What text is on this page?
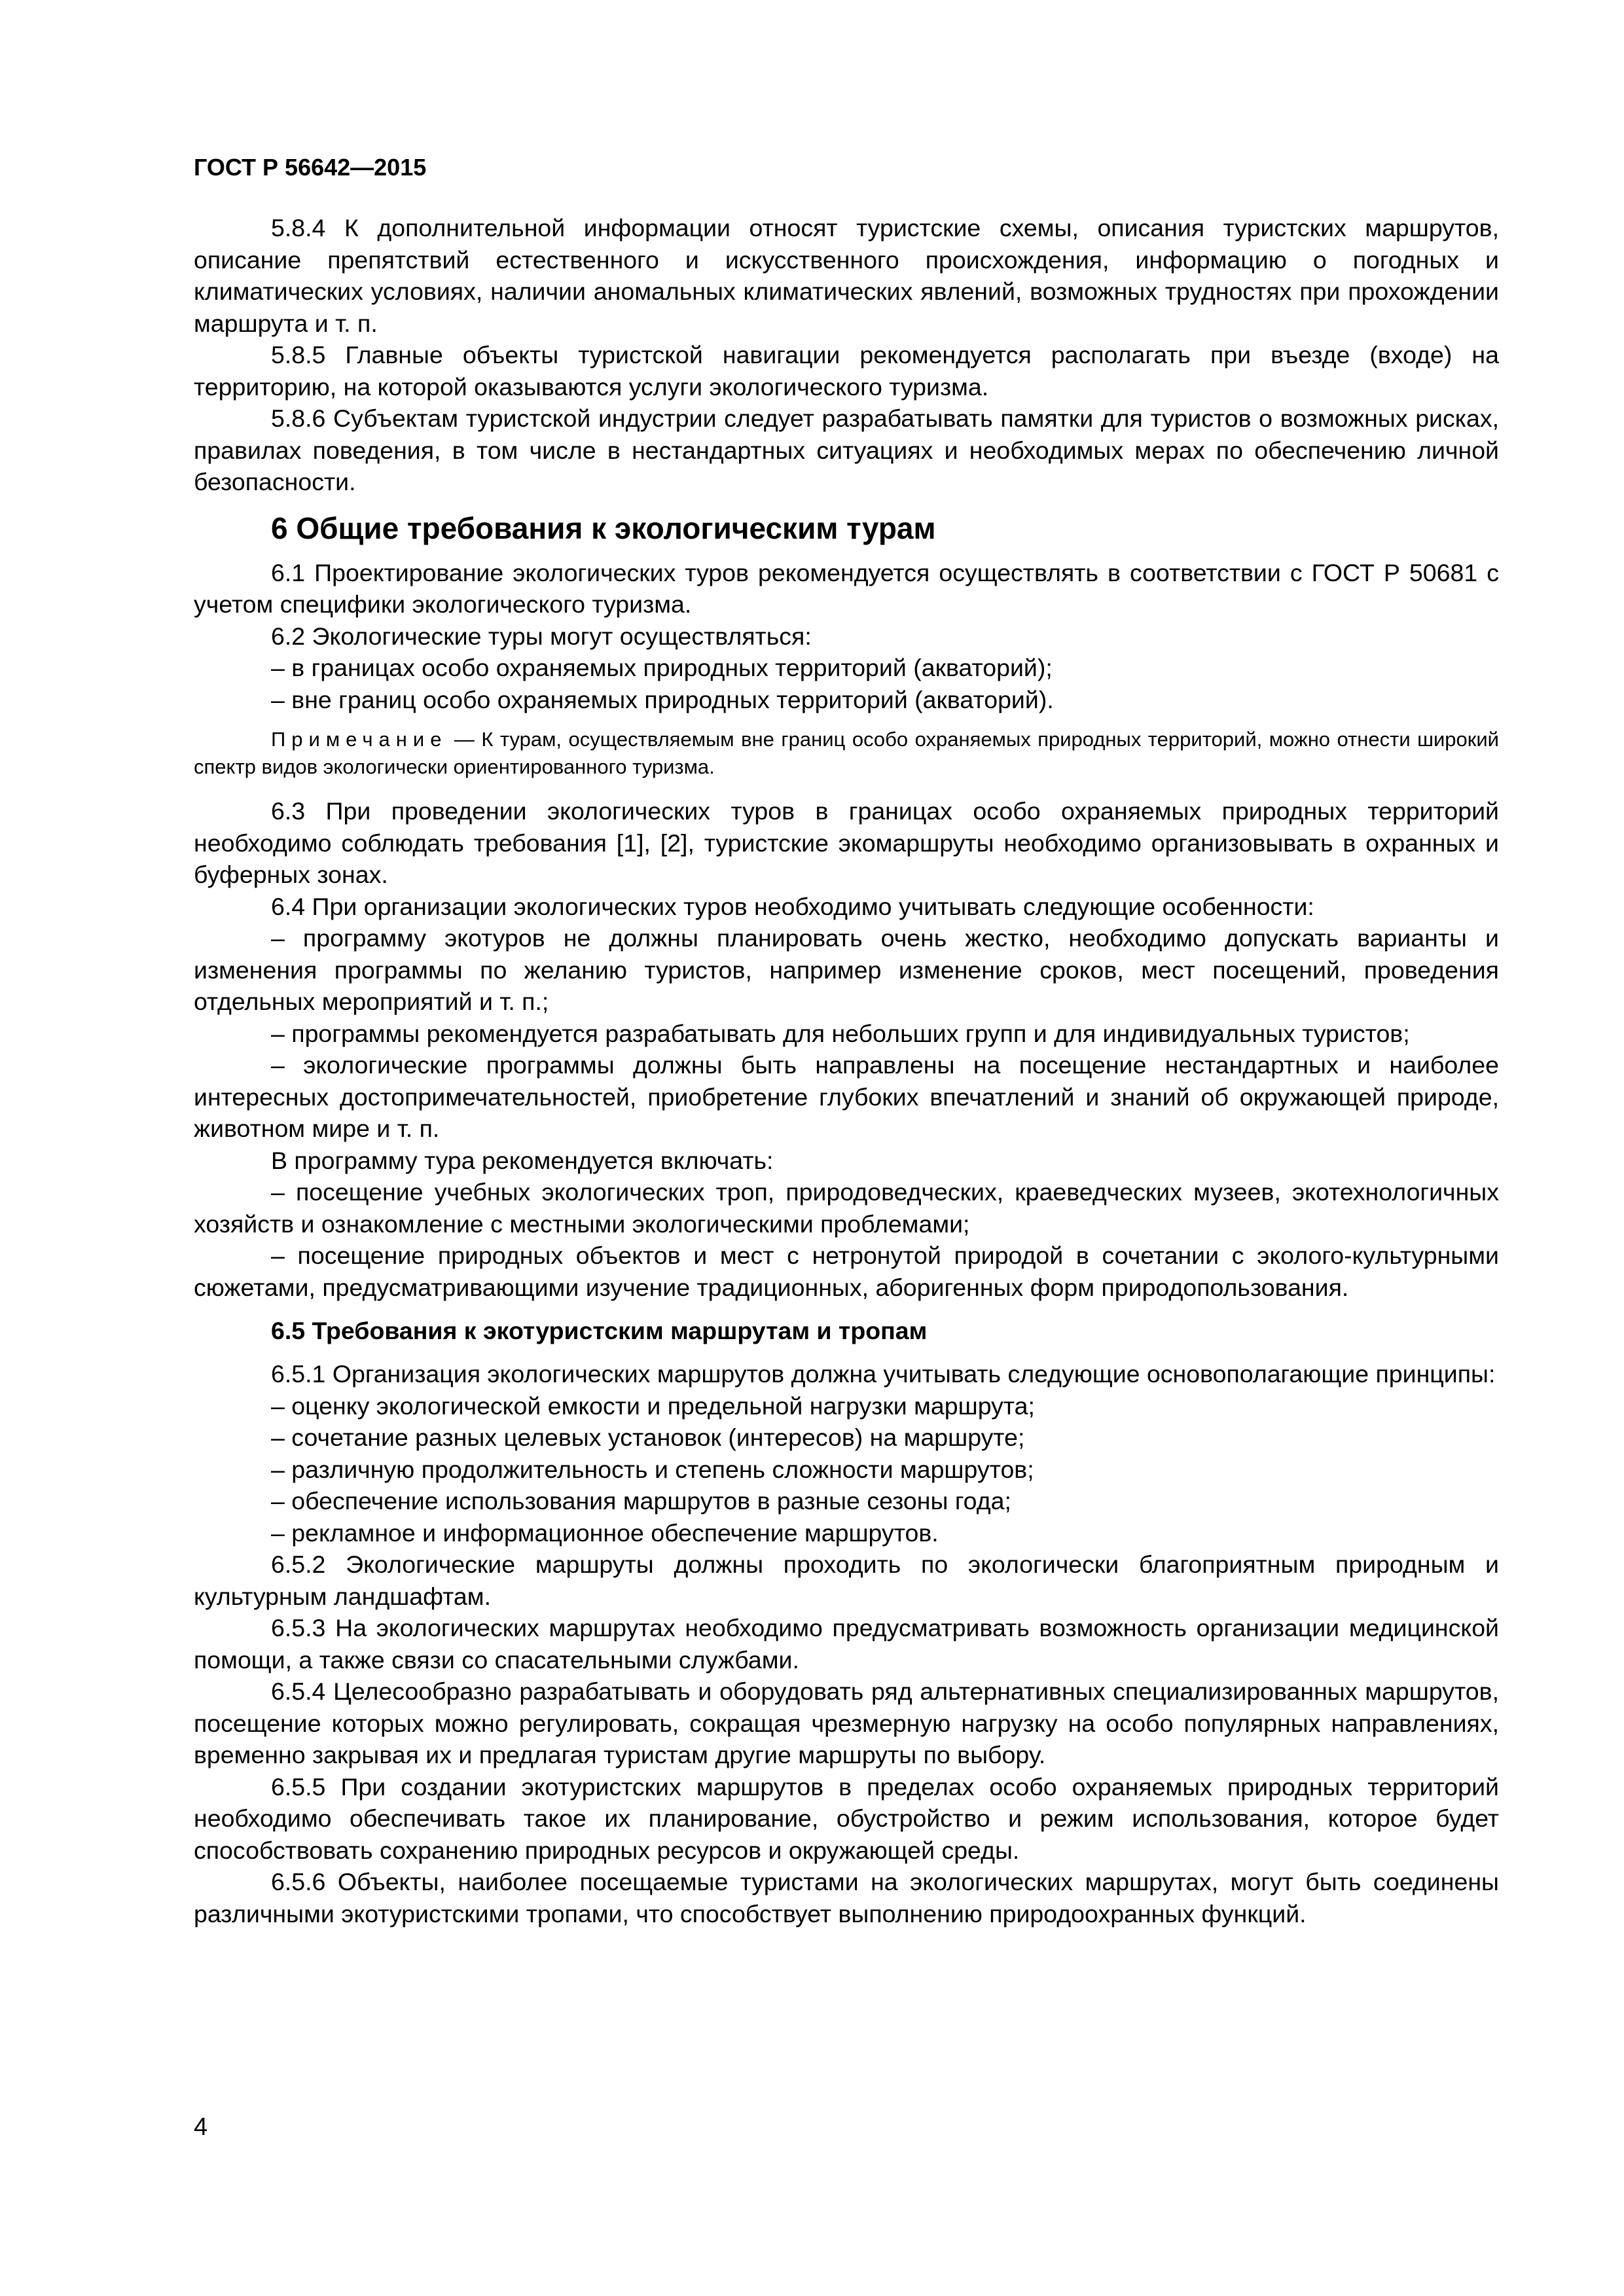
ГОСТ Р 56642—2015

5.8.4 К дополнительной информации относят туристские схемы, описания туристских маршрутов, описание препятствий естественного и искусственного происхождения, информацию о погодных и климатических условиях, наличии аномальных климатических явлений, возможных трудностях при прохождении маршрута и т. п.

5.8.5 Главные объекты туристской навигации рекомендуется располагать при въезде (входе) на территорию, на которой оказываются услуги экологического туризма.

5.8.6 Субъектам туристской индустрии следует разрабатывать памятки для туристов о возможных рисках, правилах поведения, в том числе в нестандартных ситуациях и необходимых мерах по обеспечению личной безопасности.

6 Общие требования к экологическим турам

6.1 Проектирование экологических туров рекомендуется осуществлять в соответствии с ГОСТ Р 50681 с учетом специфики экологического туризма.

6.2 Экологические туры могут осуществляться:

– в границах особо охраняемых природных территорий (акваторий);

– вне границ особо охраняемых природных территорий (акваторий).

Примечание — К турам, осуществляемым вне границ особо охраняемых природных территорий, можно отнести широкий спектр видов экологически ориентированного туризма.

6.3 При проведении экологических туров в границах особо охраняемых природных территорий необходимо соблюдать требования [1], [2], туристские экомаршруты необходимо организовывать в охранных и буферных зонах.

6.4 При организации экологических туров необходимо учитывать следующие особенности:

– программу экотуров не должны планировать очень жестко, необходимо допускать варианты и изменения программы по желанию туристов, например изменение сроков, мест посещений, проведения отдельных мероприятий и т. п.;

– программы рекомендуется разрабатывать для небольших групп и для индивидуальных туристов;

– экологические программы должны быть направлены на посещение нестандартных и наиболее интересных достопримечательностей, приобретение глубоких впечатлений и знаний об окружающей природе, животном мире и т. п.

В программу тура рекомендуется включать:

– посещение учебных экологических троп, природоведческих, краеведческих музеев, экотехнологичных хозяйств и ознакомление с местными экологическими проблемами;

– посещение природных объектов и мест с нетронутой природой в сочетании с эколого-культурными сюжетами, предусматривающими изучение традиционных, аборигенных форм природопользования.

6.5 Требования к экотуристским маршрутам и тропам

6.5.1 Организация экологических маршрутов должна учитывать следующие основополагающие принципы:

– оценку экологической емкости и предельной нагрузки маршрута;

– сочетание разных целевых установок (интересов) на маршруте;

– различную продолжительность и степень сложности маршрутов;

– обеспечение использования маршрутов в разные сезоны года;

– рекламное и информационное обеспечение маршрутов.

6.5.2 Экологические маршруты должны проходить по экологически благоприятным природным и культурным ландшафтам.

6.5.3 На экологических маршрутах необходимо предусматривать возможность организации медицинской помощи, а также связи со спасательными службами.

6.5.4 Целесообразно разрабатывать и оборудовать ряд альтернативных специализированных маршрутов, посещение которых можно регулировать, сокращая чрезмерную нагрузку на особо популярных направлениях, временно закрывая их и предлагая туристам другие маршруты по выбору.

6.5.5 При создании экотуристских маршрутов в пределах особо охраняемых природных территорий необходимо обеспечивать такое их планирование, обустройство и режим использования, которое будет способствовать сохранению природных ресурсов и окружающей среды.

6.5.6 Объекты, наиболее посещаемые туристами на экологических маршрутах, могут быть соединены различными экотуристскими тропами, что способствует выполнению природоохранных функций.

4
